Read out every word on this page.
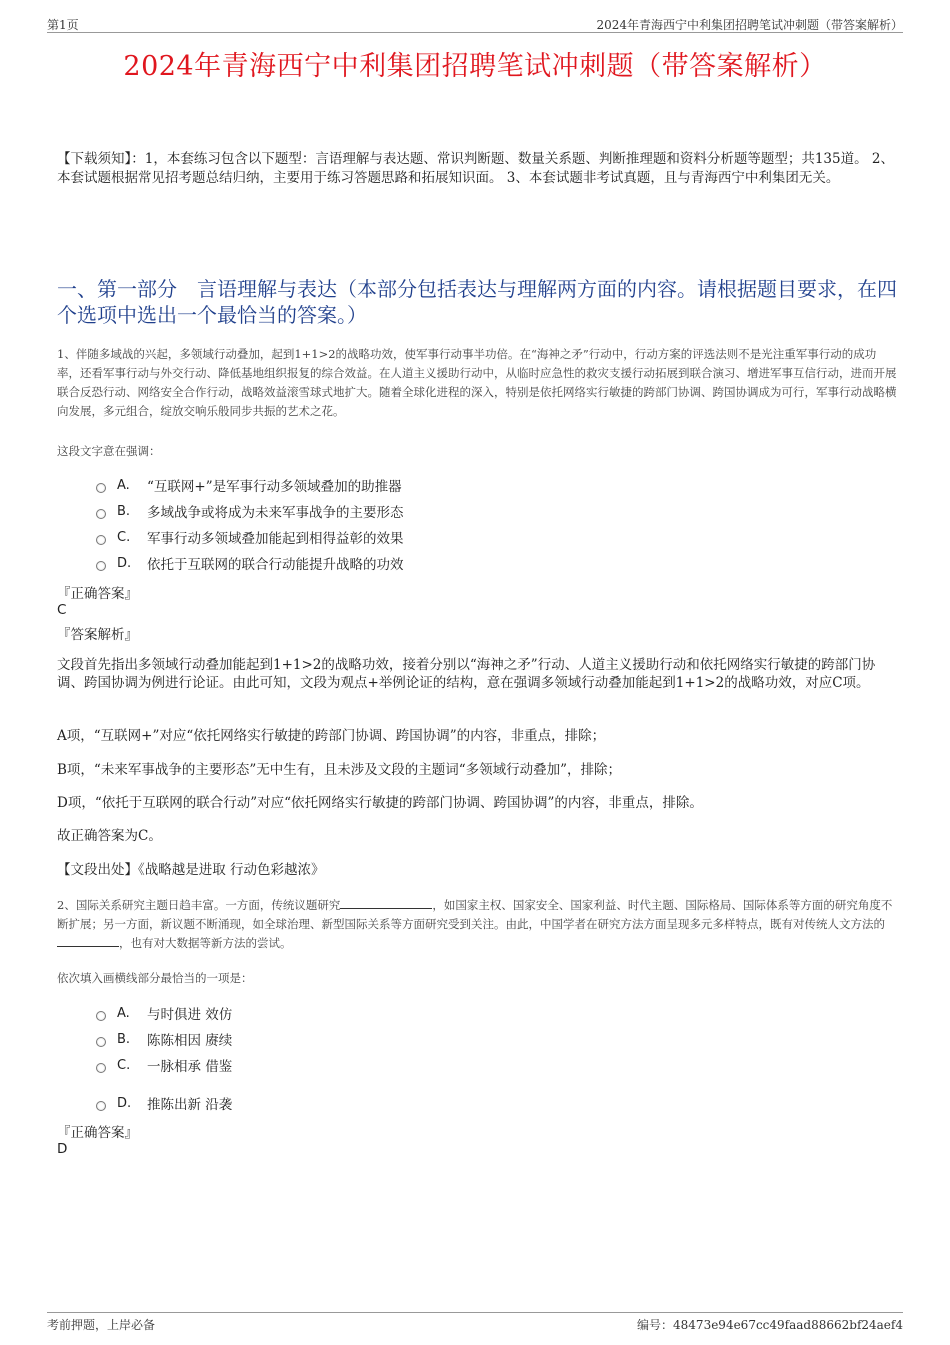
第1页	2024年青海西宁中利集团招聘笔试冲刺题（带答案解析）
2024年青海西宁中利集团招聘笔试冲刺题（带答案解析）
【下载须知】：1，本套练习包含以下题型：言语理解与表达题、常识判断题、数量关系题、判断推理题和资料分析题等题型；共135道。 2、本套试题根据常见招考题总结归纳，主要用于练习答题思路和拓展知识面。 3、本套试题非考试真题，且与青海西宁中利集团无关。
一、第一部分　言语理解与表达（本部分包括表达与理解两方面的内容。请根据题目要求，在四个选项中选出一个最恰当的答案。）
1、伴随多域战的兴起，多领域行动叠加，起到1+1>2的战略功效，使军事行动事半功倍。在“海神之矛”行动中，行动方案的评选法则不是光注重军事行动的成功率，还看军事行动与外交行动、降低基地组织报复的综合效益。在人道主义援助行动中，从临时应急性的救灾支援行动拓展到联合演习、增进军事互信行动，进而开展联合反恐行动、网络安全合作行动，战略效益滚雪球式地扩大。随着全球化进程的深入，特别是依托网络实行敏捷的跨部门协调、跨国协调成为可行，军事行动战略横向发展，多元组合，绽放交响乐般同步共振的艺术之花。
这段文字意在强调：
A.	“互联网+”是军事行动多领域叠加的助推器
B.	多域战争或将成为未来军事战争的主要形态
C.	军事行动多领域叠加能起到相得益彰的效果
D.	依托于互联网的联合行动能提升战略的功效
『正确答案』
C
『答案解析』
文段首先指出多领域行动叠加能起到1+1>2的战略功效，接着分别以“海神之矛”行动、人道主义援助行动和依托网络实行敏捷的跨部门协调、跨国协调为例进行论证。由此可知，文段为观点+举例论证的结构，意在强调多领域行动叠加能起到1+1>2的战略功效，对应C项。
A项，“互联网+”对应“依托网络实行敏捷的跨部门协调、跨国协调”的内容，非重点，排除；
B项，“未来军事战争的主要形态”无中生有，且未涉及文段的主题词“多领域行动叠加”，排除；
D项，“依托于互联网的联合行动”对应“依托网络实行敏捷的跨部门协调、跨国协调”的内容，非重点，排除。
故正确答案为C。
【文段出处】《战略越是进取 行动色彩越浓》
2、国际关系研究主题日趋丰富。一方面，传统议题研究	，如国家主权、国家安全、国家利益、时代主题、国际格局、国际体系等方面的研究角度不断扩展；另一方面，新议题不断涌现，如全球治理、新型国际关系等方面研究受到关注。由此，中国学者在研究方法方面呈现多元多样特点，既有对传统人文方法的，也有对大数据等新方法的尝试。
依次填入画横线部分最恰当的一项是：
A.	与时俱进 效仿
B.	陈陈相因 赓续
C.	一脉相承 借鉴
D.	推陈出新 沿袭
『正确答案』
D
考前押题，上岸必备	编号：48473e94e67cc49faad88662bf24aef4
